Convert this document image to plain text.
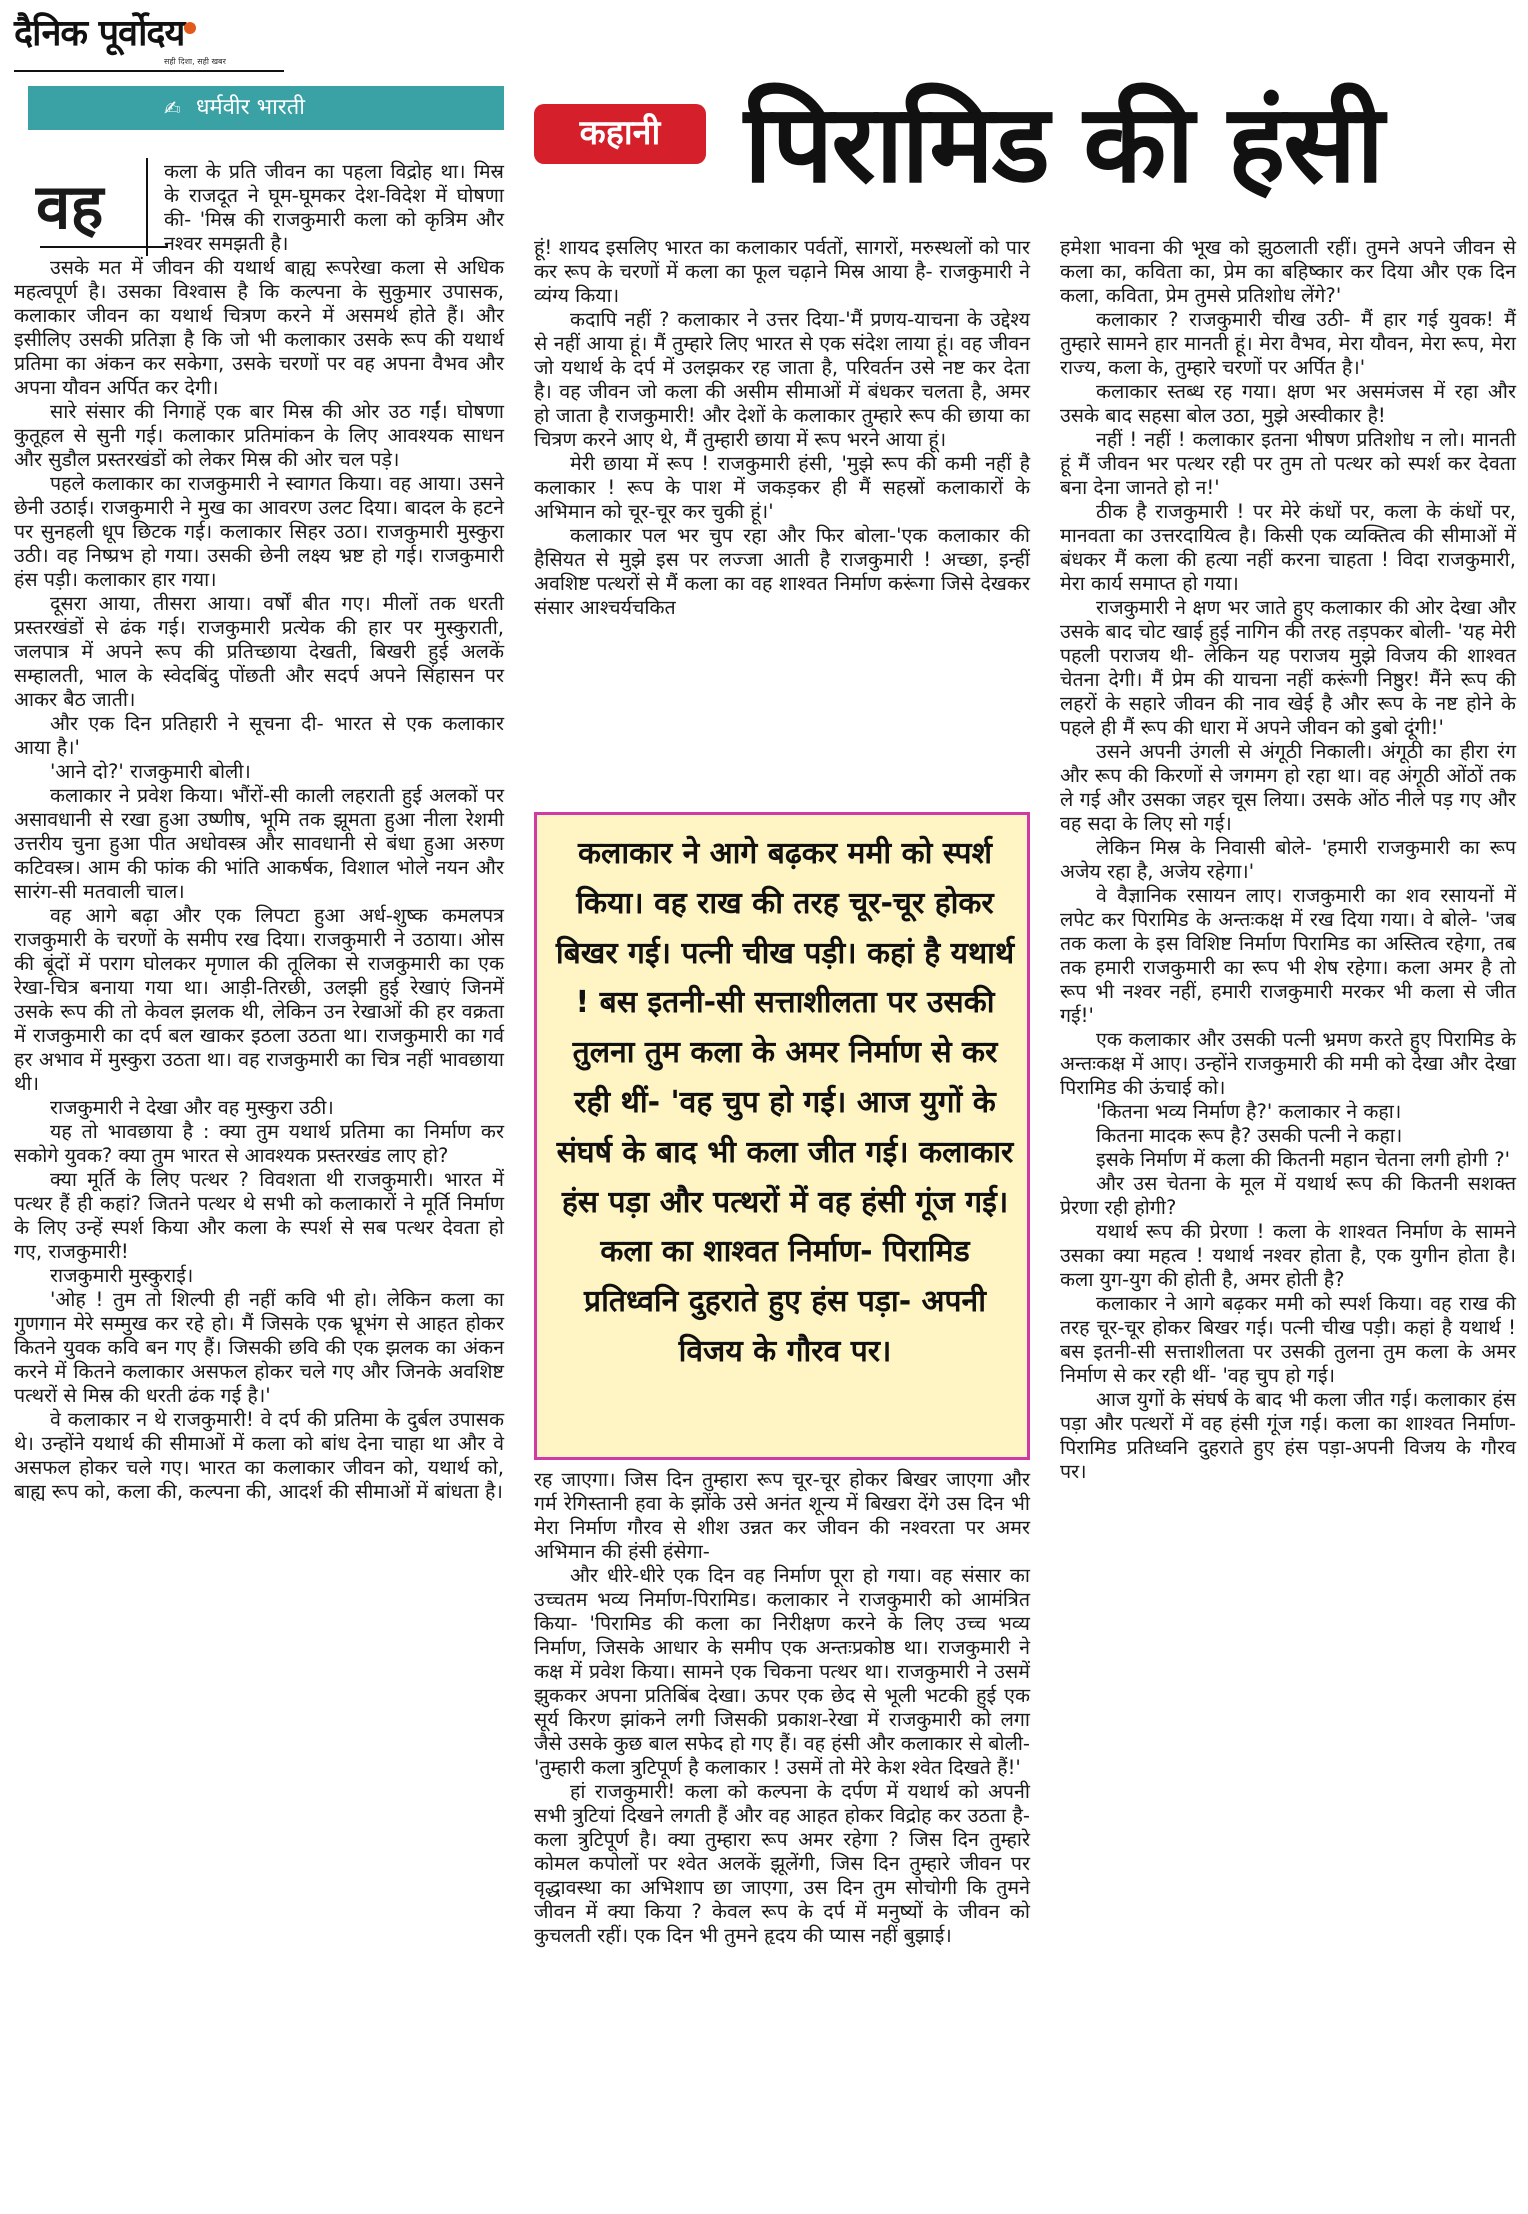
दैनिक पूर्वोदय
सही दिशा, सही खबर
✍ धर्मवीर भारती
कहानी पिरामिड की हंसी
वह	कला के प्रति जीवन का पहला विद्रोह था। मिस्र के राजदूत ने घूम-घूमकर देश-विदेश में घोषणा की- 'मिस्र की राजकुमारी कला को कृत्रिम और नश्वर समझती है।

उसके मत में जीवन की यथार्थ बाह्य रूपरेखा कला से अधिक महत्वपूर्ण है। उसका विश्वास है कि कल्पना के सुकुमार उपासक, कलाकार जीवन का यथार्थ चित्रण करने में असमर्थ होते हैं। और इसीलिए उसकी प्रतिज्ञा है कि जो भी कलाकार उसके रूप की यथार्थ प्रतिमा का अंकन कर सकेगा, उसके चरणों पर वह अपना वैभव और अपना यौवन अर्पित कर देगी।

सारे संसार की निगाहें एक बार मिस्र की ओर उठ गईं। घोषणा कुतूहल से सुनी गई। कलाकार प्रतिमांकन के लिए आवश्यक साधन और सुडौल प्रस्तरखंडों को लेकर मिस्र की ओर चल पड़े।

पहले कलाकार का राजकुमारी ने स्वागत किया। वह आया। उसने छेनी उठाई। राजकुमारी ने मुख का आवरण उलट दिया। बादल के हटने पर सुनहली धूप छिटक गई। कलाकार सिहर उठा। राजकुमारी मुस्कुरा उठी। वह निष्प्रभ हो गया। उसकी छेनी लक्ष्य भ्रष्ट हो गई। राजकुमारी हंस पड़ी। कलाकार हार गया।

दूसरा आया, तीसरा आया। वर्षों बीत गए। मीलों तक धरती प्रस्तरखंडों से ढंक गई। राजकुमारी प्रत्येक की हार पर मुस्कुराती, जलपात्र में अपने रूप की प्रतिच्छाया देखती, बिखरी हुई अलकें सम्हालती, भाल के स्वेदबिंदु पोंछती और सदर्प अपने सिंहासन पर आकर बैठ जाती।

और एक दिन प्रतिहारी ने सूचना दी- भारत से एक कलाकार आया है।'

'आने दो?' राजकुमारी बोली।

कलाकार ने प्रवेश किया। भौंरों-सी काली लहराती हुई अलकों पर असावधानी से रखा हुआ उष्णीष, भूमि तक झूमता हुआ नीला रेशमी उत्तरीय चुना हुआ पीत अधोवस्त्र और सावधानी से बंधा हुआ अरुण कटिवस्त्र। आम की फांक की भांति आकर्षक, विशाल भोले नयन और सारंग-सी मतवाली चाल।

वह आगे बढ़ा और एक लिपटा हुआ अर्ध-शुष्क कमलपत्र राजकुमारी के चरणों के समीप रख दिया। राजकुमारी ने उठाया। ओस की बूंदों में पराग घोलकर मृणाल की तूलिका से राजकुमारी का एक रेखा-चित्र बनाया गया था। आड़ी-तिरछी, उलझी हुई रेखाएं जिनमें उसके रूप की तो केवल झलक थी, लेकिन उन रेखाओं की हर वक्रता में राजकुमारी का दर्प बल खाकर इठला उठता था। राजकुमारी का गर्व हर अभाव में मुस्कुरा उठता था। वह राजकुमारी का चित्र नहीं भावछाया थी।

राजकुमारी ने देखा और वह मुस्कुरा उठी।

यह तो भावछाया है : क्या तुम यथार्थ प्रतिमा का निर्माण कर सकोगे युवक? क्या तुम भारत से आवश्यक प्रस्तरखंड लाए हो?

क्या मूर्ति के लिए पत्थर ? विवशता थी राजकुमारी। भारत में पत्थर हैं ही कहां? जितने पत्थर थे सभी को कलाकारों ने मूर्ति निर्माण के लिए उन्हें स्पर्श किया और कला के स्पर्श से सब पत्थर देवता हो गए, राजकुमारी!

राजकुमारी मुस्कुराई।

'ओह ! तुम तो शिल्पी ही नहीं कवि भी हो। लेकिन कला का गुणगान मेरे सम्मुख कर रहे हो। मैं जिसके एक भ्रूभंग से आहत होकर कितने युवक कवि बन गए हैं। जिसकी छवि की एक झलक का अंकन करने में कितने कलाकार असफल होकर चले गए और जिनके अवशिष्ट पत्थरों से मिस्र की धरती ढंक गई है।'

वे कलाकार न थे राजकुमारी! वे दर्प की प्रतिमा के दुर्बल उपासक थे। उन्होंने यथार्थ की सीमाओं में कला को बांध देना चाहा था और वे असफल होकर चले गए। भारत का कलाकार जीवन को, यथार्थ को, बाह्य रूप को, कला की, कल्पना की, आदर्श की सीमाओं में बांधता है।

हूं! शायद इसलिए भारत का कलाकार पर्वतों, सागरों, मरुस्थलों को पार कर रूप के चरणों में कला का फूल चढ़ाने मिस्र आया है- राजकुमारी ने व्यंग्य किया।

कदापि नहीं ? कलाकार ने उत्तर दिया-'मैं प्रणय-याचना के उद्देश्य से नहीं आया हूं। मैं तुम्हारे लिए भारत से एक संदेश लाया हूं। वह जीवन जो यथार्थ के दर्प में उलझकर रह जाता है, परिवर्तन उसे नष्ट कर देता है। वह जीवन जो कला की असीम सीमाओं में बंधकर चलता है, अमर हो जाता है राजकुमारी! और देशों के कलाकार तुम्हारे रूप की छाया का चित्रण करने आए थे, मैं तुम्हारी छाया में रूप भरने आया हूं।

मेरी छाया में रूप ! राजकुमारी हंसी, 'मुझे रूप की कमी नहीं है कलाकार ! रूप के पाश में जकड़कर ही मैं सहस्रों कलाकारों के अभिमान को चूर-चूर कर चुकी हूं।'

कलाकार पल भर चुप रहा और फिर बोला-'एक कलाकार की हैसियत से मुझे इस पर लज्जा आती है राजकुमारी ! अच्छा, इन्हीं अवशिष्ट पत्थरों से मैं कला का वह शाश्वत निर्माण करूंगा जिसे देखकर संसार आश्चर्यचकित

कलाकार ने आगे बढ़कर ममी को स्पर्श किया। वह राख की तरह चूर-चूर होकर बिखर गई। पत्नी चीख पड़ी। कहां है यथार्थ ! बस इतनी-सी सत्ताशीलता पर उसकी तुलना तुम कला के अमर निर्माण से कर रही थीं- 'वह चुप हो गई। आज युगों के संघर्ष के बाद भी कला जीत गई। कलाकार हंस पड़ा और पत्थरों में वह हंसी गूंज गई। कला का शाश्वत निर्माण- पिरामिड प्रतिध्वनि दुहराते हुए हंस पड़ा- अपनी विजय के गौरव पर।

रह जाएगा। जिस दिन तुम्हारा रूप चूर-चूर होकर बिखर जाएगा और गर्म रेगिस्तानी हवा के झोंके उसे अनंत शून्य में बिखरा देंगे उस दिन भी मेरा निर्माण गौरव से शीश उन्नत कर जीवन की नश्वरता पर अमर अभिमान की हंसी हंसेगा-

और धीरे-धीरे एक दिन वह निर्माण पूरा हो गया। वह संसार का उच्चतम भव्य निर्माण-पिरामिड। कलाकार ने राजकुमारी को आमंत्रित किया- 'पिरामिड की कला का निरीक्षण करने के लिए उच्च भव्य निर्माण, जिसके आधार के समीप एक अन्तःप्रकोष्ठ था। राजकुमारी ने कक्ष में प्रवेश किया। सामने एक चिकना पत्थर था। राजकुमारी ने उसमें झुककर अपना प्रतिबिंब देखा। ऊपर एक छेद से भूली भटकी हुई एक सूर्य किरण झांकने लगी जिसकी प्रकाश-रेखा में राजकुमारी को लगा जैसे उसके कुछ बाल सफेद हो गए हैं। वह हंसी और कलाकार से बोली- 'तुम्हारी कला त्रुटिपूर्ण है कलाकार ! उसमें तो मेरे केश श्वेत दिखते हैं!'

हां राजकुमारी! कला को कल्पना के दर्पण में यथार्थ को अपनी सभी त्रुटियां दिखने लगती हैं और वह आहत होकर विद्रोह कर उठता है- कला त्रुटिपूर्ण है। क्या तुम्हारा रूप अमर रहेगा ? जिस दिन तुम्हारे कोमल कपोलों पर श्वेत अलकें झूलेंगी, जिस दिन तुम्हारे जीवन पर वृद्धावस्था का अभिशाप छा जाएगा, उस दिन तुम सोचोगी कि तुमने जीवन में क्या किया ? केवल रूप के दर्प में मनुष्यों के जीवन को कुचलती रहीं। एक दिन भी तुमने हृदय की प्यास नहीं बुझाई।

हमेशा भावना की भूख को झुठलाती रहीं। तुमने अपने जीवन से कला का, कविता का, प्रेम का बहिष्कार कर दिया और एक दिन कला, कविता, प्रेम तुमसे प्रतिशोध लेंगे?'

कलाकार ? राजकुमारी चीख उठी- मैं हार गई युवक! मैं तुम्हारे सामने हार मानती हूं। मेरा वैभव, मेरा यौवन, मेरा रूप, मेरा राज्य, कला के, तुम्हारे चरणों पर अर्पित है।'

कलाकार स्तब्ध रह गया। क्षण भर असमंजस में रहा और उसके बाद सहसा बोल उठा, मुझे अस्वीकार है!

नहीं ! नहीं ! कलाकार इतना भीषण प्रतिशोध न लो। मानती हूं मैं जीवन भर पत्थर रही पर तुम तो पत्थर को स्पर्श कर देवता बना देना जानते हो न!'

ठीक है राजकुमारी ! पर मेरे कंधों पर, कला के कंधों पर, मानवता का उत्तरदायित्व है। किसी एक व्यक्तित्व की सीमाओं में बंधकर मैं कला की हत्या नहीं करना चाहता ! विदा राजकुमारी, मेरा कार्य समाप्त हो गया।

राजकुमारी ने क्षण भर जाते हुए कलाकार की ओर देखा और उसके बाद चोट खाई हुई नागिन की तरह तड़पकर बोली- 'यह मेरी पहली पराजय थी- लेकिन यह पराजय मुझे विजय की शाश्वत चेतना देगी। मैं प्रेम की याचना नहीं करूंगी निष्ठुर! मैंने रूप की लहरों के सहारे जीवन की नाव खेई है और रूप के नष्ट होने के पहले ही मैं रूप की धारा में अपने जीवन को डुबो दूंगी!'

उसने अपनी उंगली से अंगूठी निकाली। अंगूठी का हीरा रंग और रूप की किरणों से जगमग हो रहा था। वह अंगूठी ओंठों तक ले गई और उसका जहर चूस लिया। उसके ओंठ नीले पड़ गए और वह सदा के लिए सो गई।

लेकिन मिस्र के निवासी बोले- 'हमारी राजकुमारी का रूप अजेय रहा है, अजेय रहेगा।'

वे वैज्ञानिक रसायन लाए। राजकुमारी का शव रसायनों में लपेट कर पिरामिड के अन्तःकक्ष में रख दिया गया। वे बोले- 'जब तक कला के इस विशिष्ट निर्माण पिरामिड का अस्तित्व रहेगा, तब तक हमारी राजकुमारी का रूप भी शेष रहेगा। कला अमर है तो रूप भी नश्वर नहीं, हमारी राजकुमारी मरकर भी कला से जीत गई!'

एक कलाकार और उसकी पत्नी भ्रमण करते हुए पिरामिड के अन्तःकक्ष में आए। उन्होंने राजकुमारी की ममी को देखा और देखा पिरामिड की ऊंचाई को।

'कितना भव्य निर्माण है?' कलाकार ने कहा।

कितना मादक रूप है? उसकी पत्नी ने कहा।

इसके निर्माण में कला की कितनी महान चेतना लगी होगी ?'

और उस चेतना के मूल में यथार्थ रूप की कितनी सशक्त प्रेरणा रही होगी?

यथार्थ रूप की प्रेरणा ! कला के शाश्वत निर्माण के सामने उसका क्या महत्व ! यथार्थ नश्वर होता है, एक युगीन होता है। कला युग-युग की होती है, अमर होती है?

कलाकार ने आगे बढ़कर ममी को स्पर्श किया। वह राख की तरह चूर-चूर होकर बिखर गई। पत्नी चीख पड़ी। कहां है यथार्थ ! बस इतनी-सी सत्ताशीलता पर उसकी तुलना तुम कला के अमर निर्माण से कर रही थीं- 'वह चुप हो गई।

आज युगों के संघर्ष के बाद भी कला जीत गई। कलाकार हंस पड़ा और पत्थरों में वह हंसी गूंज गई। कला का शाश्वत निर्माण- पिरामिड प्रतिध्वनि दुहराते हुए हंस पड़ा-अपनी विजय के गौरव पर।
